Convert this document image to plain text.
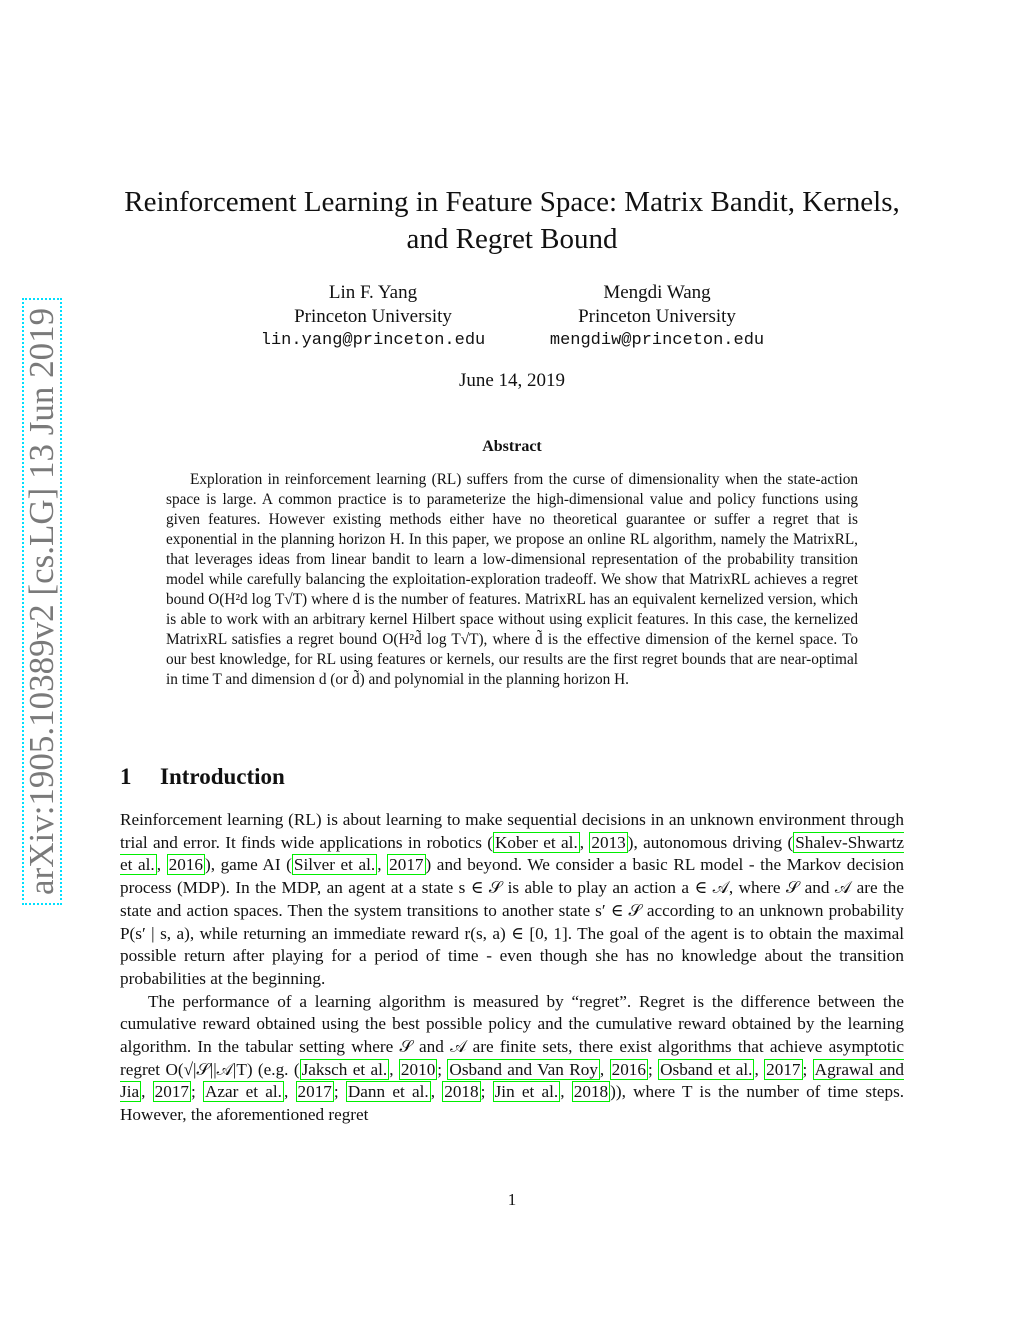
arXiv:1905.10389v2 [cs.LG] 13 Jun 2019
Reinforcement Learning in Feature Space: Matrix Bandit, Kernels, and Regret Bound
Lin F. Yang
Princeton University
lin.yang@princeton.edu
Mengdi Wang
Princeton University
mengdiw@princeton.edu
June 14, 2019
Abstract

Exploration in reinforcement learning (RL) suffers from the curse of dimensionality when the state-action space is large. A common practice is to parameterize the high-dimensional value and policy functions using given features. However existing methods either have no theoretical guarantee or suffer a regret that is exponential in the planning horizon H. In this paper, we propose an online RL algorithm, namely the MatrixRL, that leverages ideas from linear bandit to learn a low-dimensional representation of the probability transition model while carefully balancing the exploitation-exploration tradeoff. We show that MatrixRL achieves a regret bound O(H²d log T√T) where d is the number of features. MatrixRL has an equivalent kernelized version, which is able to work with an arbitrary kernel Hilbert space without using explicit features. In this case, the kernelized MatrixRL satisfies a regret bound O(H²d̃ log T√T), where d̃ is the effective dimension of the kernel space. To our best knowledge, for RL using features or kernels, our results are the first regret bounds that are near-optimal in time T and dimension d (or d̃) and polynomial in the planning horizon H.

1 Introduction

Reinforcement learning (RL) is about learning to make sequential decisions in an unknown environment through trial and error. It finds wide applications in robotics ( Kober et al. , 2013 ), autonomous driving ( Shalev-Shwartz et al. , 2016 ), game AI ( Silver et al. , 2017 ) and beyond. We consider a basic RL model - the Markov decision process (MDP). In the MDP, an agent at a state s ∈ 𝒮 is able to play an action a ∈ 𝒜, where 𝒮 and 𝒜 are the state and action spaces. Then the system transitions to another state s′ ∈ 𝒮 according to an unknown probability P(s′ | s, a), while returning an immediate reward r(s, a) ∈ [0, 1]. The goal of the agent is to obtain the maximal possible return after playing for a period of time - even though she has no knowledge about the transition probabilities at the beginning.

The performance of a learning algorithm is measured by “regret”. Regret is the difference between the cumulative reward obtained using the best possible policy and the cumulative reward obtained by the learning algorithm. In the tabular setting where 𝒮 and 𝒜 are finite sets, there exist algorithms that achieve asymptotic regret O(√|𝒮||𝒜|T) (e.g. ( Jaksch et al. , 2010 ; Osband and Van Roy , 2016 ; Osband et al. , 2017 ; Agrawal and Jia , 2017 ; Azar et al. , 2017 ; Dann et al. , 2018 ; Jin et al. , 2018 )), where T is the number of time steps. However, the aforementioned regret

1
